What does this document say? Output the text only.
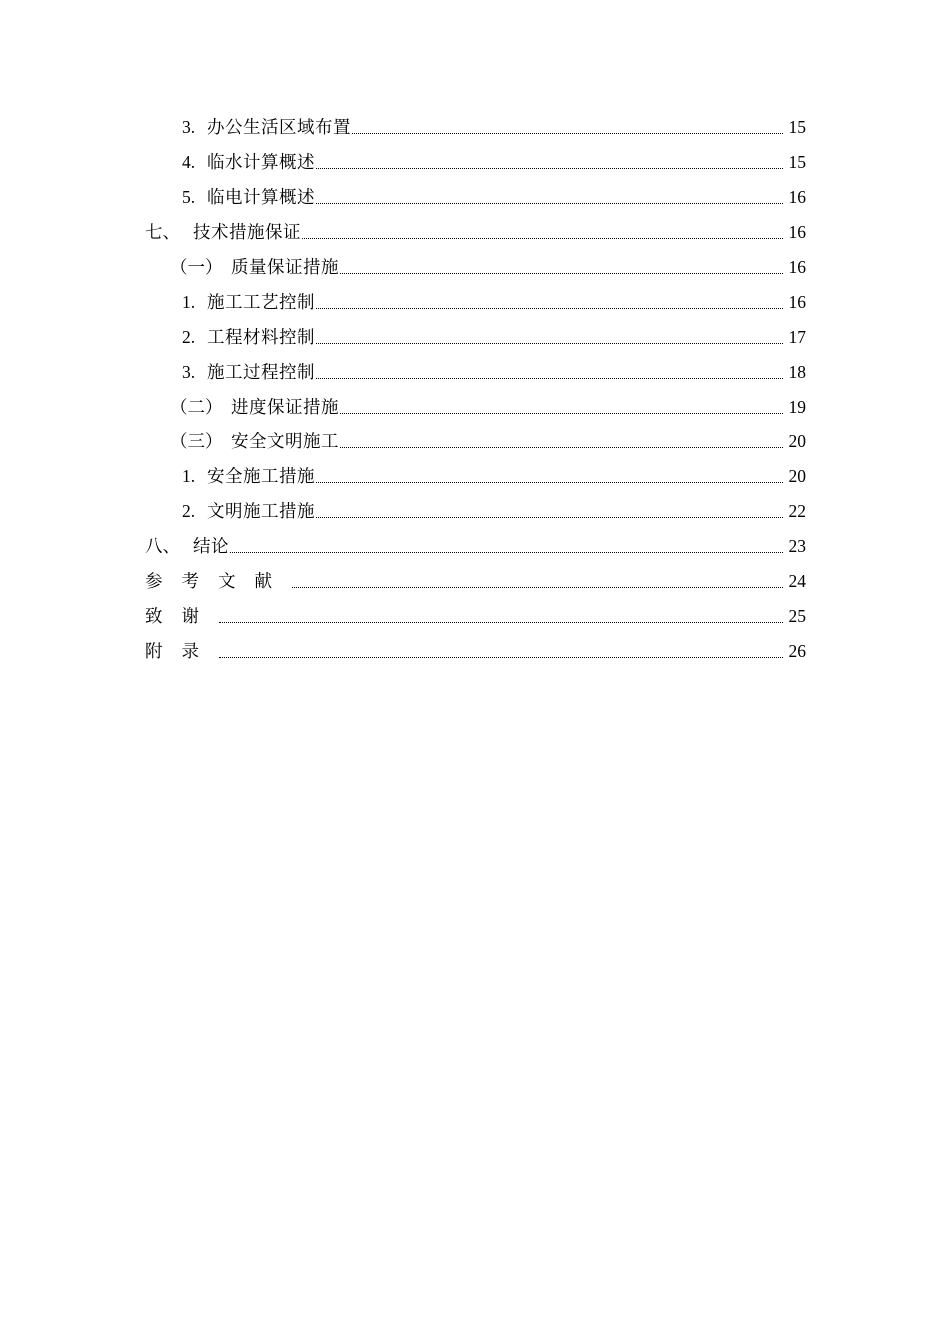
3. 办公生活区域布置	15
4. 临水计算概述	15
5. 临电计算概述	16
七、 技术措施保证	16
（一） 质量保证措施	16
1. 施工工艺控制	16
2. 工程材料控制	17
3. 施工过程控制	18
（二） 进度保证措施	19
（三） 安全文明施工	20
1. 安全施工措施	20
2. 文明施工措施	22
八、 结论	23
参考文献	24
致谢	25
附录	26
